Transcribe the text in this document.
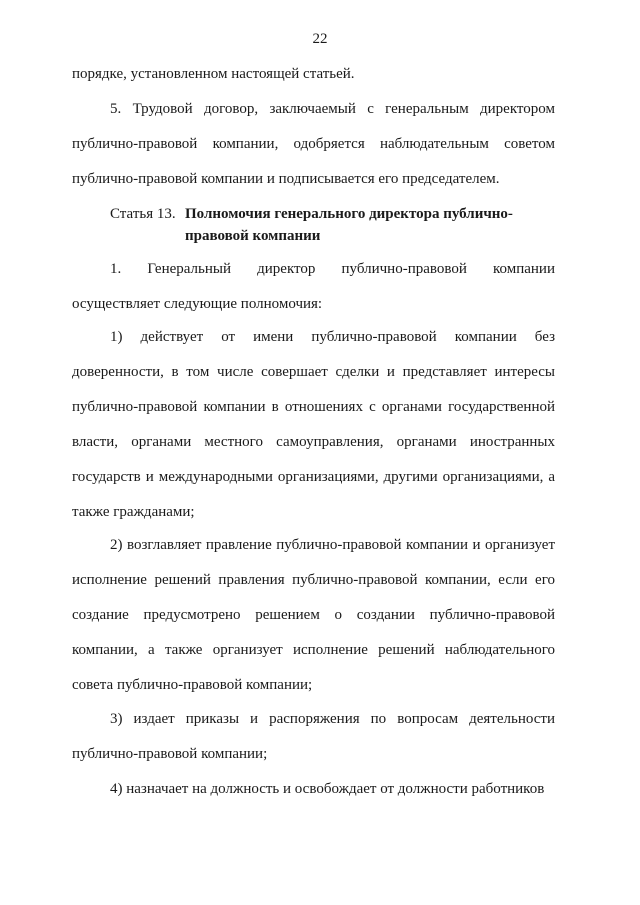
22

порядке, установленном настоящей статьей.

5. Трудовой договор, заключаемый с генеральным директором публично-правовой компании, одобряется наблюдательным советом публично-правовой компании и подписывается его председателем.

Статья 13. Полномочия генерального директора публично-правовой компании

1. Генеральный директор публично-правовой компании осуществляет следующие полномочия:

1) действует от имени публично-правовой компании без доверенности, в том числе совершает сделки и представляет интересы публично-правовой компании в отношениях с органами государственной власти, органами местного самоуправления, органами иностранных государств и международными организациями, другими организациями, а также гражданами;

2) возглавляет правление публично-правовой компании и организует исполнение решений правления публично-правовой компании, если его создание предусмотрено решением о создании публично-правовой компании, а также организует исполнение решений наблюдательного совета публично-правовой компании;

3) издает приказы и распоряжения по вопросам деятельности публично-правовой компании;

4) назначает на должность и освобождает от должности работников
